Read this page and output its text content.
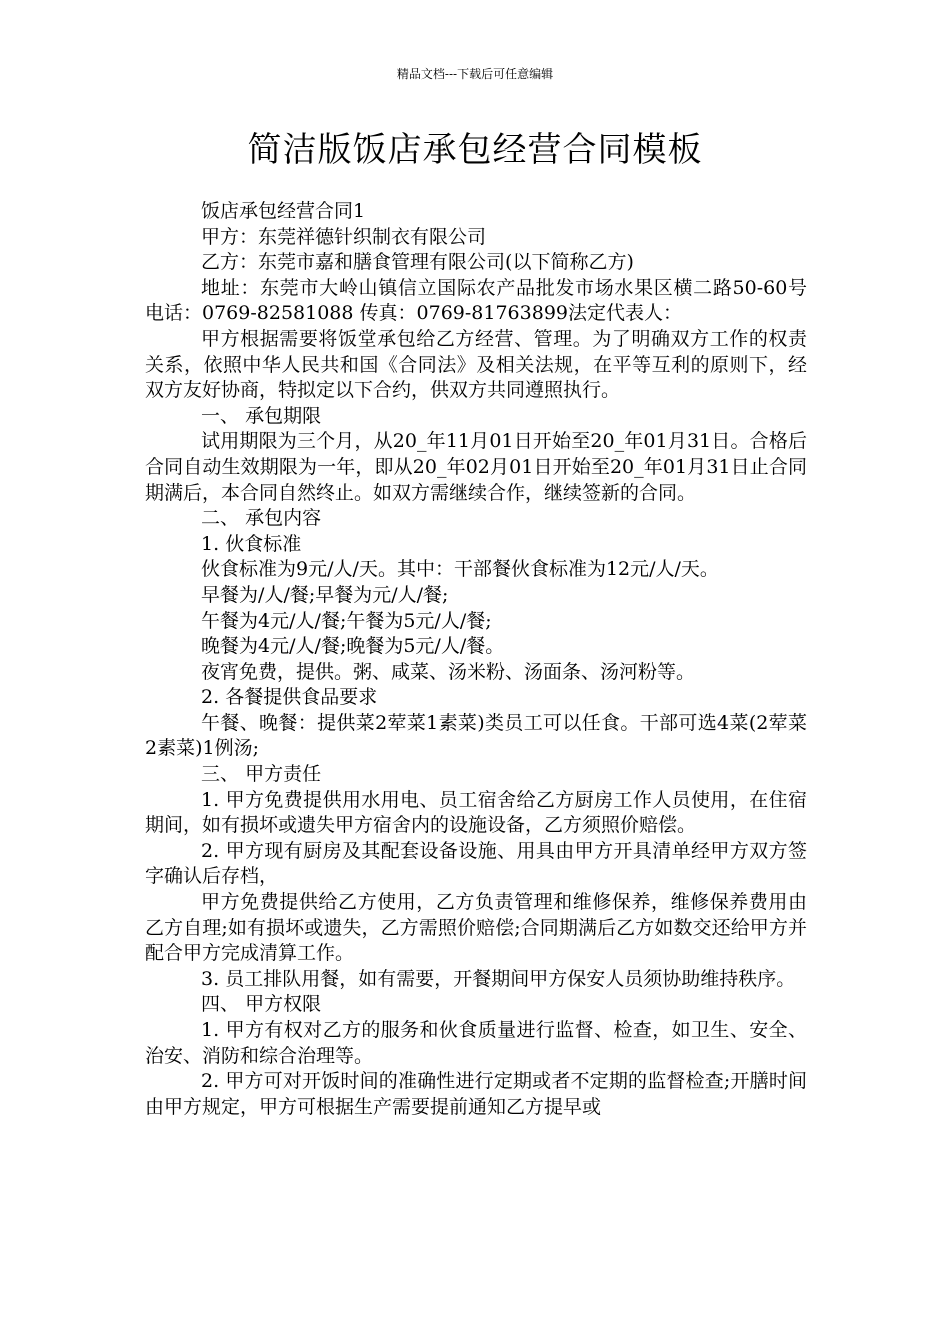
精品文档---下载后可任意编辑
简洁版饭店承包经营合同模板

饭店承包经营合同1

甲方：东莞祥德针织制衣有限公司

乙方：东莞市嘉和膳食管理有限公司(以下简称乙方)

地址：东莞市大岭山镇信立国际农产品批发市场水果区横二路50-60号 电话：0769-82581088 传真：0769-81763899法定代表人：

甲方根据需要将饭堂承包给乙方经营、管理。为了明确双方工作的权责关系，依照中华人民共和国《合同法》及相关法规，在平等互利的原则下，经双方友好协商，特拟定以下合约，供双方共同遵照执行。

一、 承包期限

试用期限为三个月，从20_年11月01日开始至20_年01月31日。合格后合同自动生效期限为一年，即从20_年02月01日开始至20_年01月31日止合同期满后，本合同自然终止。如双方需继续合作，继续签新的合同。

二、 承包内容

1. 伙食标准

伙食标准为9元/人/天。其中：干部餐伙食标准为12元/人/天。

早餐为/人/餐;早餐为元/人/餐;

午餐为4元/人/餐;午餐为5元/人/餐;

晚餐为4元/人/餐;晚餐为5元/人/餐。

夜宵免费，提供。粥、咸菜、汤米粉、汤面条、汤河粉等。

2. 各餐提供食品要求

午餐、晚餐：提供菜2荤菜1素菜)类员工可以任食。干部可选4菜(2荤菜2素菜)1例汤;

三、 甲方责任

1. 甲方免费提供用水用电、员工宿舍给乙方厨房工作人员使用，在住宿期间，如有损坏或遗失甲方宿舍内的设施设备，乙方须照价赔偿。

2. 甲方现有厨房及其配套设备设施、用具由甲方开具清单经甲方双方签字确认后存档，

甲方免费提供给乙方使用，乙方负责管理和维修保养，维修保养费用由乙方自理;如有损坏或遗失，乙方需照价赔偿;合同期满后乙方如数交还给甲方并配合甲方完成清算工作。

3. 员工排队用餐，如有需要，开餐期间甲方保安人员须协助维持秩序。

四、 甲方权限

1. 甲方有权对乙方的服务和伙食质量进行监督、检查，如卫生、安全、治安、消防和综合治理等。

2. 甲方可对开饭时间的准确性进行定期或者不定期的监督检查;开膳时间由甲方规定，甲方可根据生产需要提前通知乙方提早或
